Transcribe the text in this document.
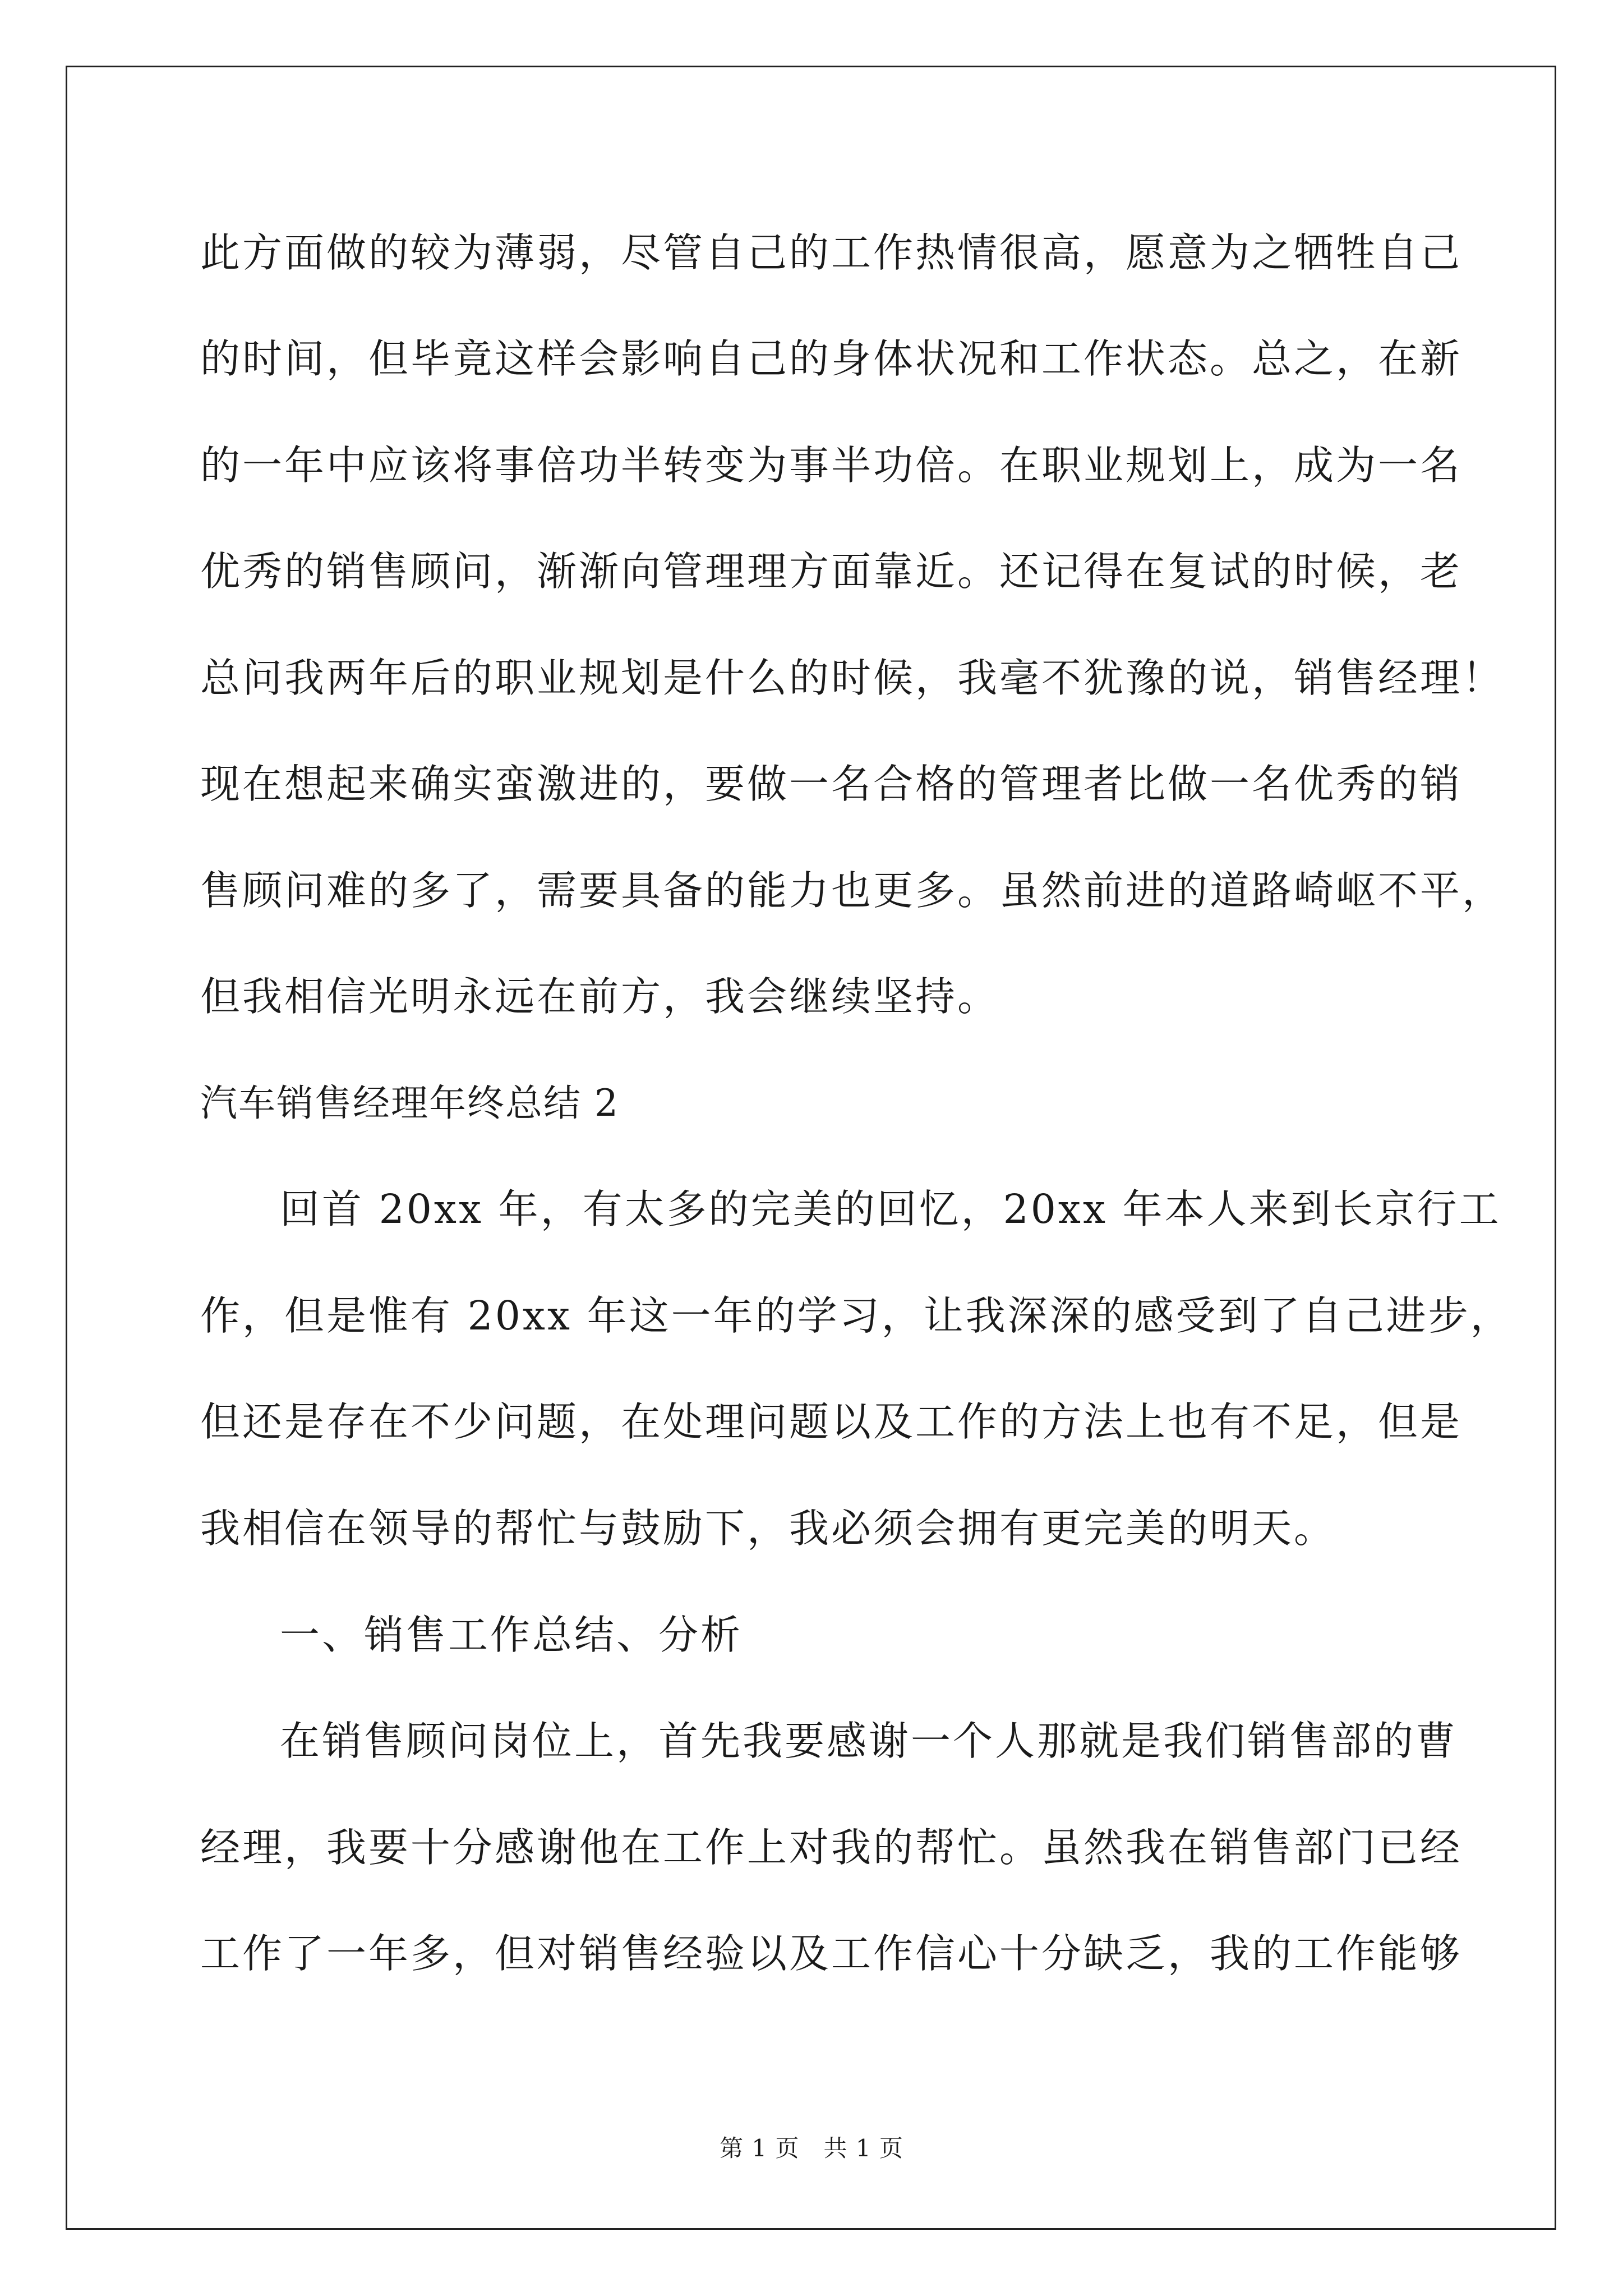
此方面做的较为薄弱，尽管自己的工作热情很高，愿意为之牺牲自己
的时间，但毕竟这样会影响自己的身体状况和工作状态。总之，在新
的一年中应该将事倍功半转变为事半功倍。在职业规划上，成为一名
优秀的销售顾问，渐渐向管理理方面靠近。还记得在复试的时候，老
总问我两年后的职业规划是什么的时候，我毫不犹豫的说，销售经理！
现在想起来确实蛮激进的，要做一名合格的管理者比做一名优秀的销
售顾问难的多了，需要具备的能力也更多。虽然前进的道路崎岖不平，
但我相信光明永远在前方，我会继续坚持。
汽车销售经理年终总结 2
回首 20xx 年，有太多的完美的回忆，20xx 年本人来到长京行工
作，但是惟有 20xx 年这一年的学习，让我深深的感受到了自己进步，
但还是存在不少问题，在处理问题以及工作的方法上也有不足，但是
我相信在领导的帮忙与鼓励下，我必须会拥有更完美的明天。
一、销售工作总结、分析
在销售顾问岗位上，首先我要感谢一个人那就是我们销售部的曹
经理，我要十分感谢他在工作上对我的帮忙。虽然我在销售部门已经
工作了一年多，但对销售经验以及工作信心十分缺乏，我的工作能够
第 1 页　共 1 页
